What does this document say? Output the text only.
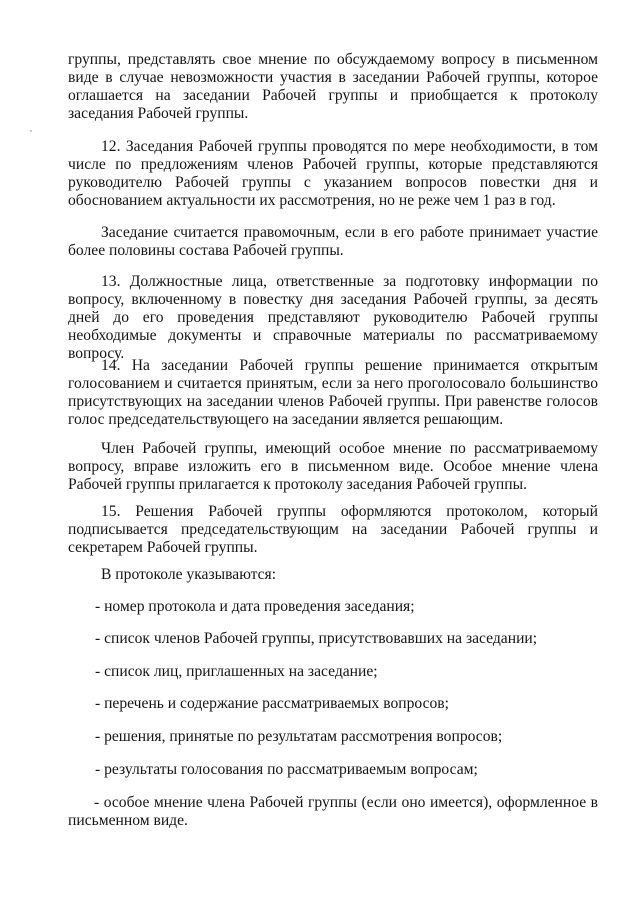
группы, представлять свое мнение по обсуждаемому вопросу в письменном виде в случае невозможности участия в заседании Рабочей группы, которое оглашается на заседании Рабочей группы и приобщается к протоколу заседания Рабочей группы.

12. Заседания Рабочей группы проводятся по мере необходимости, в том числе по предложениям членов Рабочей группы, которые представляются руководителю Рабочей группы с указанием вопросов повестки дня и обоснованием актуальности их рассмотрения, но не реже чем 1 раз в год.

Заседание считается правомочным, если в его работе принимает участие более половины состава Рабочей группы.

13. Должностные лица, ответственные за подготовку информации по вопросу, включенному в повестку дня заседания Рабочей группы, за десять дней до его проведения представляют руководителю Рабочей группы необходимые документы и справочные материалы по рассматриваемому вопросу.

14. На заседании Рабочей группы решение принимается открытым голосованием и считается принятым, если за него проголосовало большинство присутствующих на заседании членов Рабочей группы. При равенстве голосов голос председательствующего на заседании является решающим.

Член Рабочей группы, имеющий особое мнение по рассматриваемому вопросу, вправе изложить его в письменном виде. Особое мнение члена Рабочей группы прилагается к протоколу заседания Рабочей группы.

15. Решения Рабочей группы оформляются протоколом, который подписывается председательствующим на заседании Рабочей группы и секретарем Рабочей группы.

В протоколе указываются:

- номер протокола и дата проведения заседания;

- список членов Рабочей группы, присутствовавших на заседании;

- список лиц, приглашенных на заседание;

- перечень и содержание рассматриваемых вопросов;

- решения, принятые по результатам рассмотрения вопросов;

- результаты голосования по рассматриваемым вопросам;

- особое мнение члена Рабочей группы (если оно имеется), оформленное в письменном виде.
